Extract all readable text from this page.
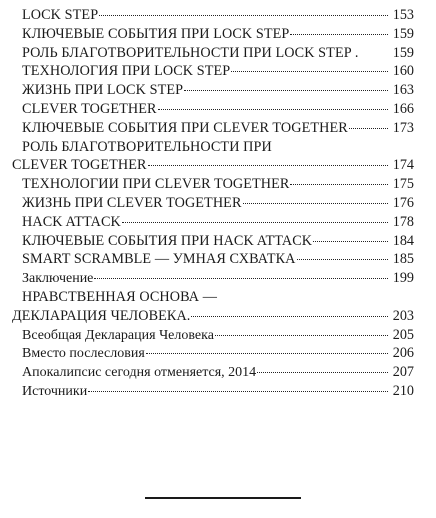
LOCK STEP	153
КЛЮЧЕВЫЕ СОБЫТИЯ ПРИ LOCK STEP	159
РОЛЬ БЛАГОТВОРИТЕЛЬНОСТИ ПРИ LOCK STEP . 159
ТЕХНОЛОГИЯ ПРИ LOCK STEP	160
ЖИЗНЬ ПРИ LOCK STEP	163
CLEVER TOGETHER	166
КЛЮЧЕВЫЕ СОБЫТИЯ ПРИ CLEVER TOGETHER	173
РОЛЬ БЛАГОТВОРИТЕЛЬНОСТИ ПРИ
CLEVER TOGETHER	174
ТЕХНОЛОГИИ ПРИ CLEVER TOGETHER	175
ЖИЗНЬ ПРИ CLEVER TOGETHER	176
HACK ATTACK	178
КЛЮЧЕВЫЕ СОБЫТИЯ ПРИ HACK ATTACK	184
SMART SCRAMBLE — УМНАЯ СХВАТКА	185
Заключение	199
НРАВСТВЕННАЯ ОСНОВА —
ДЕКЛАРАЦИЯ ЧЕЛОВЕКА.	203
Всеобщая Декларация Человека	205
Вместо послесловия	206
Апокалипсис сегодня отменяется, 2014	207
Источники	210
